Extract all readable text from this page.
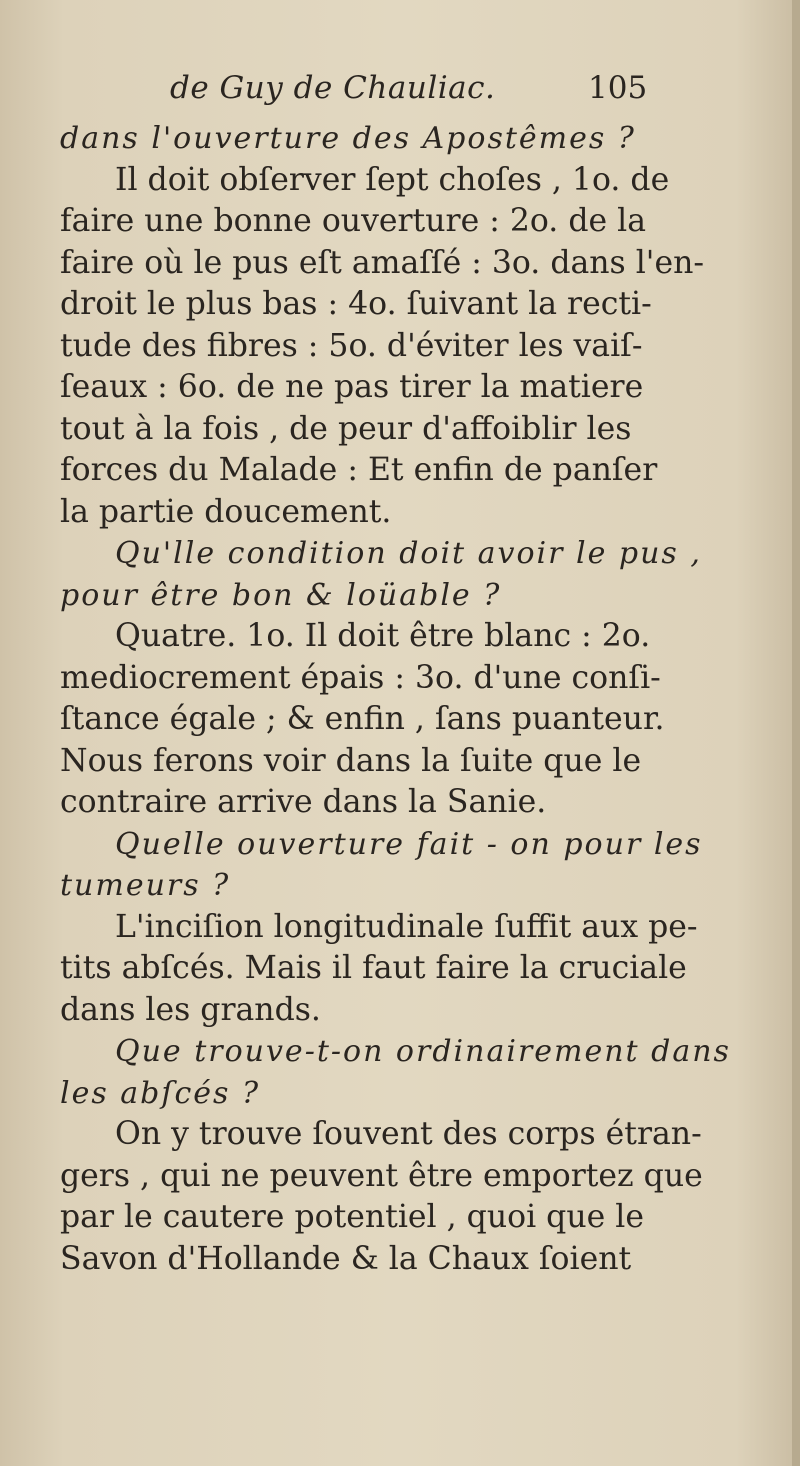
de Guy de Chauliac.	105
dans l'ouverture des Apostêmes ?
Il doit obſerver ſept choſes , 1o. de
faire une bonne ouverture : 2o. de la
faire où le pus eſt amaſſé : 3o. dans l'en-
droit le plus bas : 4o. ſuivant la recti-
tude des fibres : 5o. d'éviter les vaiſ-
ſeaux : 6o. de ne pas tirer la matiere
tout à la fois , de peur d'affoiblir les
forces du Malade : Et enfin de panſer
la partie doucement.
Qu'lle condition doit avoir le pus ,
pour être bon & loüable ?
Quatre. 1o. Il doit être blanc : 2o.
mediocrement épais : 3o. d'une conſi-
ſtance égale ; & enfin , ſans puanteur.
Nous ferons voir dans la ſuite que le
contraire arrive dans la Sanie.
Quelle ouverture fait - on pour les
tumeurs ?
L'inciſion longitudinale ſuffit aux pe-
tits abſcés. Mais il faut faire la cruciale
dans les grands.
Que trouve-t-on ordinairement dans
les abſcés ?
On y trouve ſouvent des corps étran-
gers , qui ne peuvent être emportez que
par le cautere potentiel , quoi que le
Savon d'Hollande & la Chaux ſoient
